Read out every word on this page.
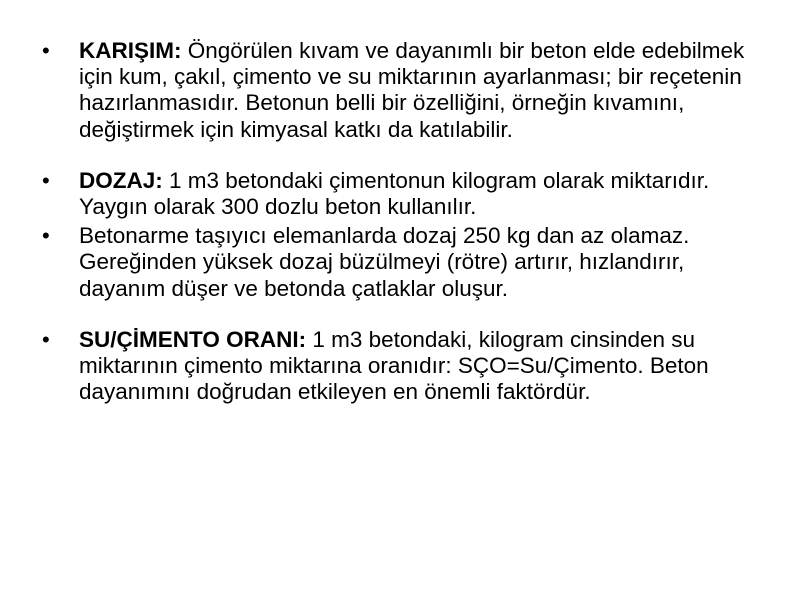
• KARIŞIM: Öngörülen kıvam ve dayanımlı bir beton elde edebilmek için kum, çakıl, çimento ve su miktarının ayarlanması; bir reçetenin hazırlanmasıdır. Betonun belli bir özelliğini, örneğin kıvamını, değiştirmek için kimyasal katkı da katılabilir.
• DOZAJ: 1 m3 betondaki çimentonun kilogram olarak miktarıdır. Yaygın olarak 300 dozlu beton kullanılır.
• Betonarme taşıyıcı elemanlarda dozaj 250 kg dan az olamaz. Gereğinden yüksek dozaj büzülmeyi (rötre) artırır, hızlandırır, dayanım düşer ve betonda çatlaklar oluşur.
• SU/ÇİMENTO ORANI: 1 m3 betondaki, kilogram cinsinden su miktarının çimento miktarına oranıdır: SÇO=Su/Çimento. Beton dayanımını doğrudan etkileyen en önemli faktördür.
